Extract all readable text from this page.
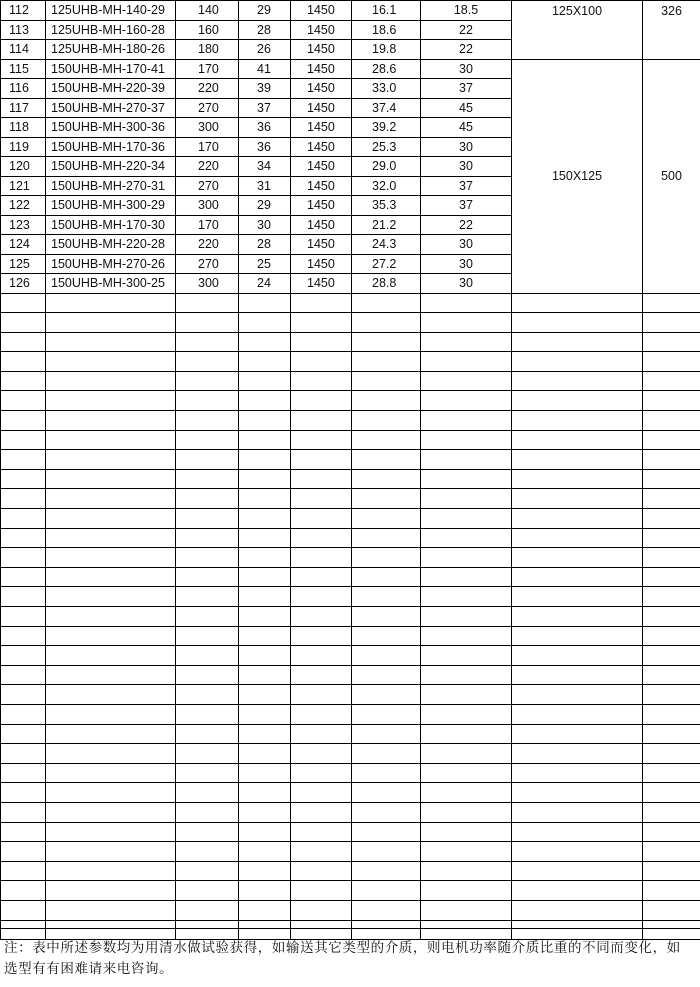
112	125UHB-MH-140-29	140	29	1450	16.1	18.5	125X100	326

113	125UHB-MH-160-28	160	28	1450	18.6	22		
114	125UHB-MH-180-26	180	26	1450	19.8	22		
115	150UHB-MH-170-41	170	41	1450	28.6	30	150X125	500
116	150UHB-MH-220-39	220	39	1450	33.0	37		
117	150UHB-MH-270-37	270	37	1450	37.4	45		
118	150UHB-MH-300-36	300	36	1450	39.2	45		
119	150UHB-MH-170-36	170	36	1450	25.3	30		
120	150UHB-MH-220-34	220	34	1450	29.0	30		
121	150UHB-MH-270-31	270	31	1450	32.0	37		
122	150UHB-MH-300-29	300	29	1450	35.3	37		
123	150UHB-MH-170-30	170	30	1450	21.2	22		
124	150UHB-MH-220-28	220	28	1450	24.3	30		
125	150UHB-MH-270-26	270	25	1450	27.2	30		
126	150UHB-MH-300-25	300	24	1450	28.8	30		

注：表中所述参数均为用清水做试验获得，如输送其它类型的介质，则电机功率随介质比重的不同而变化，如选型有有困难请来电咨询。
